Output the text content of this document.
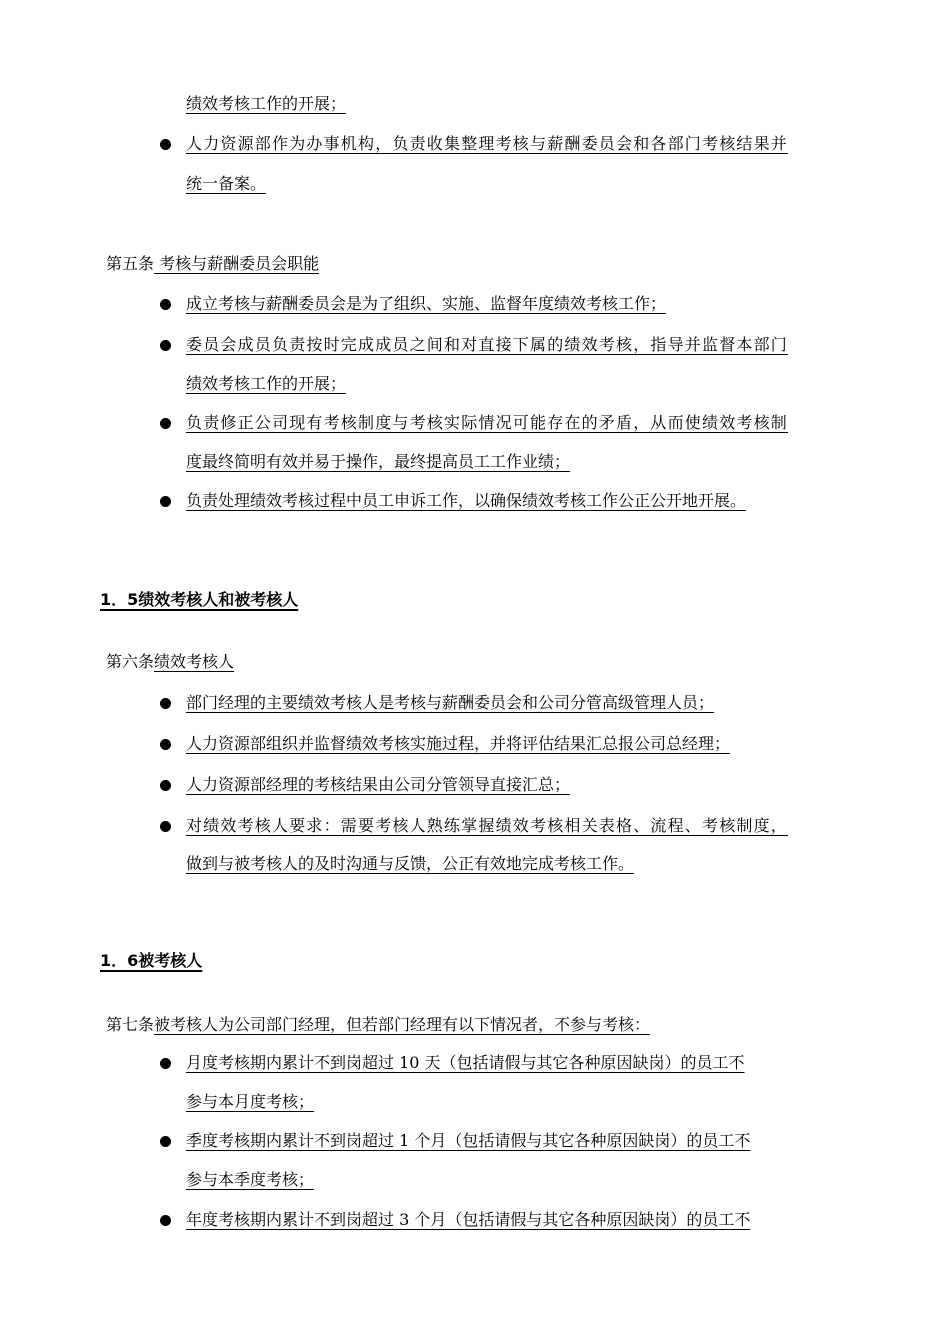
绩效考核工作的开展；
人力资源部作为办事机构，负责收集整理考核与薪酬委员会和各部门考核结果并
统一备案。
第五条 考核与薪酬委员会职能
成立考核与薪酬委员会是为了组织、实施、监督年度绩效考核工作；
委员会成员负责按时完成成员之间和对直接下属的绩效考核，指导并监督本部门
绩效考核工作的开展；
负责修正公司现有考核制度与考核实际情况可能存在的矛盾，从而使绩效考核制
度最终简明有效并易于操作，最终提高员工工作业绩；
负责处理绩效考核过程中员工申诉工作，以确保绩效考核工作公正公开地开展。
1．5绩效考核人和被考核人
第六条绩效考核人
部门经理的主要绩效考核人是考核与薪酬委员会和公司分管高级管理人员；
人力资源部组织并监督绩效考核实施过程，并将评估结果汇总报公司总经理；
人力资源部经理的考核结果由公司分管领导直接汇总；
对绩效考核人要求：需要考核人熟练掌握绩效考核相关表格、流程、考核制度，
做到与被考核人的及时沟通与反馈，公正有效地完成考核工作。
1．6被考核人
第七条被考核人为公司部门经理，但若部门经理有以下情况者，不参与考核：
月度考核期内累计不到岗超过 10 天（包括请假与其它各种原因缺岗）的员工不
参与本月度考核；
季度考核期内累计不到岗超过 1 个月（包括请假与其它各种原因缺岗）的员工不
参与本季度考核；
年度考核期内累计不到岗超过 3 个月（包括请假与其它各种原因缺岗）的员工不
